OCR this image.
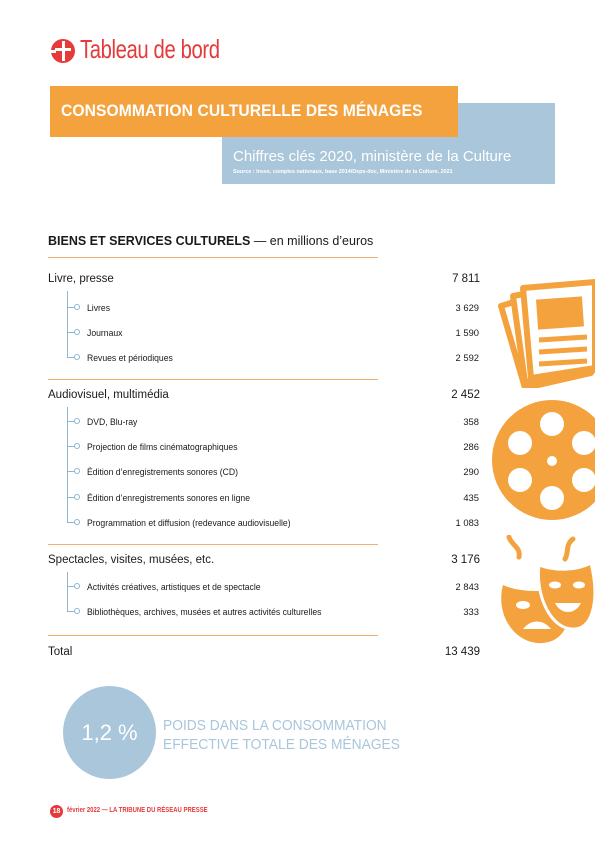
Tableau de bord
CONSOMMATION CULTURELLE DES MÉNAGES
Chiffres clés 2020, ministère de la Culture
Source : Insee, comptes nationaux, base 2014/Deps-doc, Ministère de la Culture, 2021
BIENS ET SERVICES CULTURELS — en millions d’euros
Livre, presse	7 811
Livres	3 629
Journaux	1 590
Revues et périodiques	2 592
Audiovisuel, multimédia	2 452
DVD, Blu-ray	358
Projection de films cinématographiques	286
Édition d’enregistrements sonores (CD)	290
Édition d’enregistrements sonores en ligne	435
Programmation et diffusion (redevance audiovisuelle)	1 083
Spectacles, visites, musées, etc.	3 176
Activités créatives, artistiques et de spectacle	2 843
Bibliothèques, archives, musées et autres activités culturelles	333
Total	13 439
1,2 %	POIDS DANS LA CONSOMMATION
EFFECTIVE TOTALE DES MÉNAGES
18 février 2022 — LA TRIBUNE DU RÉSEAU PRESSE
